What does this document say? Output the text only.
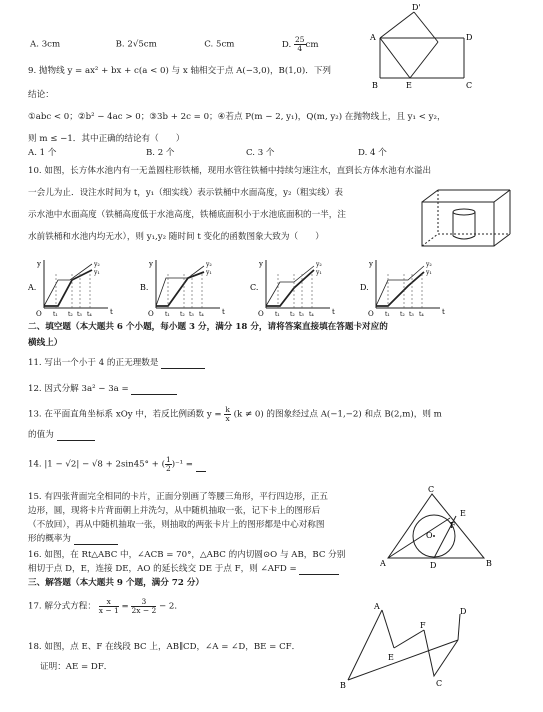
A. 3cm	B. 2√5cm	C. 5cm	D. $\frac{25}{4}$ cm
D'
A	D
B	E	C
9. 抛物线 y = ax² + bx + c(a < 0) 与 x 轴相交于点 A(−3,0)，B(1,0)．下列
结论：
①abc < 0；②b² − 4ac > 0；③3b + 2c = 0；④若点 P(m − 2, y₁)，Q(m, y₂) 在抛物线上，且 y₁ < y₂，
则 m ≤ −1．其中正确的结论有（　　）
A. 1 个	B. 2 个	C. 3 个	D. 4 个
10. 如图，长方体水池内有一无盖圆柱形铁桶，现用水管往铁桶中持续匀速注水，直到长方体水池有水溢出
一会儿为止．设注水时间为 t，y₁（细实线）表示铁桶中水面高度，y₂（粗实线）表
示水池中水面高度（铁桶高度低于水池高度，铁桶底面积小于水池底面积的一半，注
水前铁桶和水池内均无水），则 y₁,y₂ 随时间 t 变化的函数图象大致为（　　）
A.
y
t
O t₁ t₂ t₃ t₄
y₂
y₁
B.
y
t
O t₁ t₂ t₃ t₄
y₂
y₁
C.
y
t
O t₁ t₂ t₃ t₄
y₂
y₁
D.
y
t
O t₁ t₂ t₃ t₄
y₂
y₁
二、填空题（本大题共 6 个小题，每小题 3 分，满分 18 分，请将答案直接填在答题卡对应的
横线上）
11. 写出一个小于 4 的正无理数是
12. 因式分解 3a² − 3a =
13. 在平面直角坐标系 xOy 中，若反比例函数 $y = \frac{k}{x} (k \ne 0)$ 的图象经过点 A(−1,−2) 和点 B(2,m)，则 m
的值为
14. |1 − √2| − √8 + 2sin45° + ( $\frac{1}{2} )^{-1}$ =
15. 有四张背面完全相同的卡片，正面分别画了等腰三角形，平行四边形，正五
边形，圆，现将卡片背面朝上并洗匀，从中随机抽取一张，记下卡上的图形后
（不放回），再从中随机抽取一张，则抽取的两张卡片上的图形都是中心对称图
形的概率为
16. 如图，在 Rt△ABC 中，∠ACB = 70°，△ABC 的内切圆⊙O 与 AB，BC 分别
相切于点 D，E，连接 DE，AO 的延长线交 DE 于点 F，则 ∠AFD =
C
E
O
F
A	D	B
三、解答题（本大题共 9 个题，满分 72 分）
17. 解分式方程： $\frac{x}{x - 1} = \frac{3}{2x - 2} - 2$．
18. 如图，点 E、F 在线段 BC 上，AB∥CD，∠A = ∠D，BE = CF．
证明：AE = DF．
A
F
D
E
B	C
